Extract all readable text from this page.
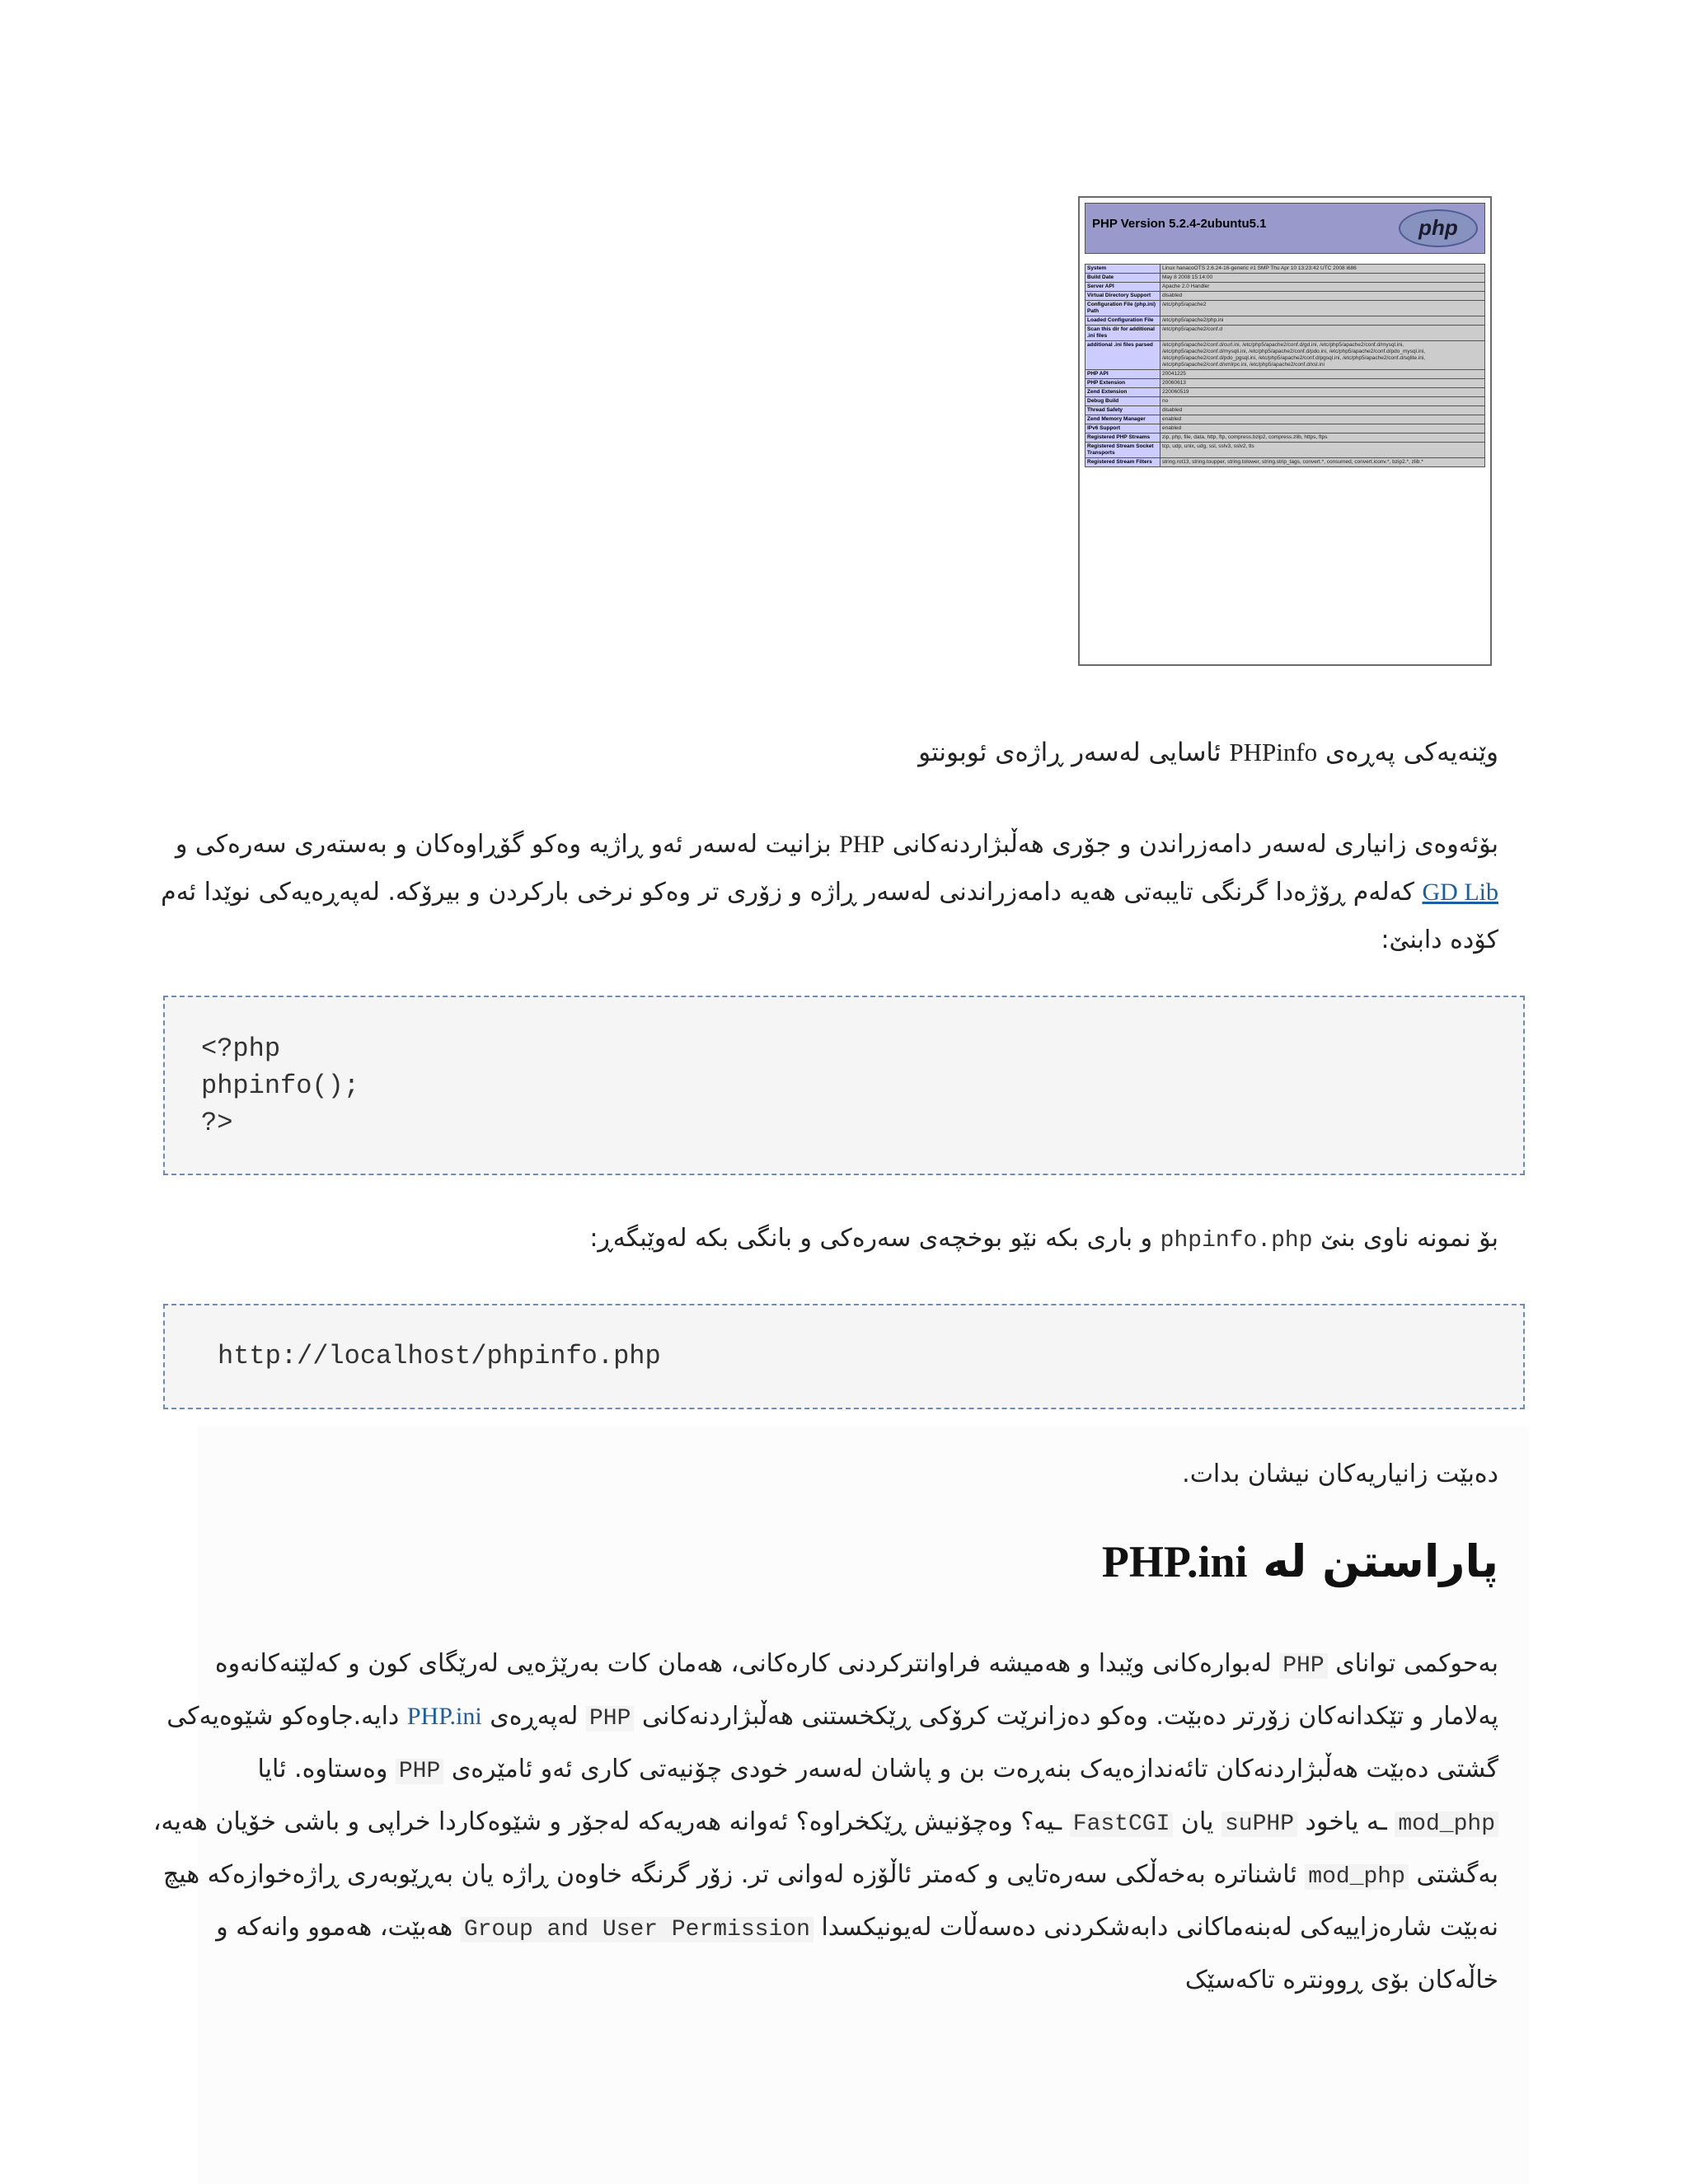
PHP Version 5.2.4-2ubuntu5.1	php
System	Linux hanacoOTS 2.6.24-16-generic #1 SMP Thu Apr 10 13:23:42 UTC 2008 i686
Build Date	May 8 2008 15:14:00
Server API	Apache 2.0 Handler
Virtual Directory Support	disabled
Configuration File (php.ini) Path	/etc/php5/apache2
Loaded Configuration File	/etc/php5/apache2/php.ini
Scan this dir for additional .ini files	/etc/php5/apache2/conf.d
additional .ini files parsed	/etc/php5/apache2/conf.d/curl.ini, /etc/php5/apache2/conf.d/gd.ini, /etc/php5/apache2/conf.d/mysql.ini, /etc/php5/apache2/conf.d/mysqli.ini, /etc/php5/apache2/conf.d/pdo.ini, /etc/php5/apache2/conf.d/pdo_mysql.ini, /etc/php5/apache2/conf.d/pdo_pgsql.ini, /etc/php5/apache2/conf.d/pgsql.ini, /etc/php5/apache2/conf.d/sqlite.ini, /etc/php5/apache2/conf.d/xmlrpc.ini, /etc/php5/apache2/conf.d/xsl.ini
PHP API	20041225
PHP Extension	20060613
Zend Extension	220060519
Debug Build	no
Thread Safety	disabled
Zend Memory Manager	enabled
IPv6 Support	enabled
Registered PHP Streams	zip, php, file, data, http, ftp, compress.bzip2, compress.zlib, https, ftps
Registered Stream Socket Transports	tcp, udp, unix, udg, ssl, sslv3, sslv2, tls
Registered Stream Filters	string.rot13, string.toupper, string.tolower, string.strip_tags, convert.*, consumed, convert.iconv.*, bzip2.*, zlib.*

وێنەیەکی پەڕەی PHPinfo ئاسایی لەسەر ڕاژەی ئوبونتو

بۆئەوەی زانیاری لەسەر دامەزراندن و جۆری هەڵبژاردنەکانی PHP بزانیت لەسەر ئەو ڕاژیە وەکو گۆڕاوەکان و بەستەری سەرەکی و GD Lib کەلەم ڕۆژەدا گرنگی تایبەتی هەیە دامەزراندنی لەسەر ڕاژە و زۆری تر وەکو نرخی بارکردن و بیرۆکە. لەپەڕەیەکی نوێدا ئەم کۆدە دابنێ:

<?php
phpinfo();
?>

بۆ نمونە ناوی بنێ phpinfo.php و باری بکە نێو بوخچەی سەرەکی و بانگی بکە لەوێبگەڕ:

http://localhost/phpinfo.php

دەبێت زانیاریەکان نیشان بدات.

پاراستن لە PHP.ini

بەحوکمی توانای PHP لەبوارەکانی وێبدا و هەمیشە فراوانترکردنی کارەکانی، هەمان کات بەرێژەیی لەرێگای کون و کەلێنەکانەوە پەلامار و تێکدانەکان زۆرتر دەبێت. وەکو دەزانرێت کرۆکی ڕێکخستنی هەڵبژاردنەکانی PHP لەپەڕەی PHP.ini دایە.جاوەکو شێوەیەکی گشتی دەبێت هەڵبژاردنەکان تائەندازەیەک بنەڕەت بن و پاشان لەسەر خودی چۆنیەتی کاری ئەو ئامێرەی PHP وەستاوە. ئایا mod_php ـە یاخود suPHP یان FastCGI ـیە؟ وەچۆنیش ڕێکخراوە؟ ئەوانە هەریەکە لەجۆر و شێوەکاردا خراپی و باشی خۆیان هەیە، بەگشتی mod_php ئاشناترە بەخەڵکی سەرەتایی و کەمتر ئاڵۆزە لەوانی تر. زۆر گرنگە خاوەن ڕاژە یان بەڕێوبەری ڕاژەخوازەکە هیچ نەبێت شارەزاییەکی لەبنەماکانی دابەشکردنی دەسەڵات لەیونیکسدا Group and User Permission هەبێت، هەموو وانەکە و خاڵەکان بۆی ڕوونترە تاکەسێک
